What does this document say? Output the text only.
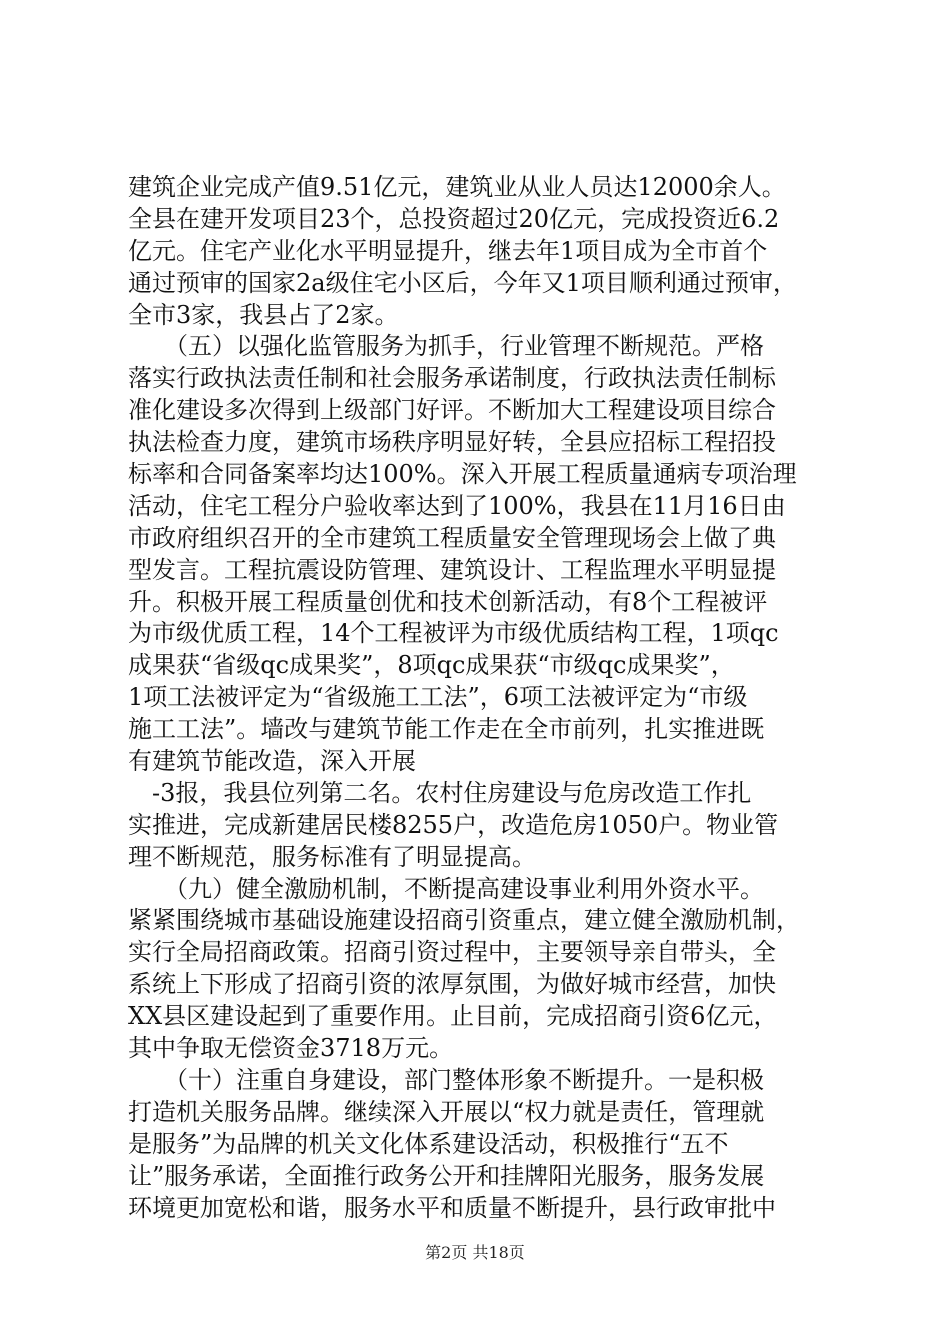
建筑企业完成产值9.51亿元，建筑业从业人员达12000余人。
全县在建开发项目23个，总投资超过20亿元，完成投资近6.2
亿元。住宅产业化水平明显提升，继去年1项目成为全市首个
通过预审的国家2a级住宅小区后，今年又1项目顺利通过预审，
全市3家，我县占了2家。
　　（五）以强化监管服务为抓手，行业管理不断规范。严格
落实行政执法责任制和社会服务承诺制度，行政执法责任制标
准化建设多次得到上级部门好评。不断加大工程建设项目综合
执法检查力度，建筑市场秩序明显好转，全县应招标工程招投
标率和合同备案率均达100%。深入开展工程质量通病专项治理
活动，住宅工程分户验收率达到了100%，我县在11月16日由
市政府组织召开的全市建筑工程质量安全管理现场会上做了典
型发言。工程抗震设防管理、建筑设计、工程监理水平明显提
升。积极开展工程质量创优和技术创新活动，有8个工程被评
为市级优质工程，14个工程被评为市级优质结构工程，1项qc
成果获“省级qc成果奖”，8项qc成果获“市级qc成果奖”，
1项工法被评定为“省级施工工法”，6项工法被评定为“市级
施工工法”。墙改与建筑节能工作走在全市前列，扎实推进既
有建筑节能改造，深入开展
　-3报，我县位列第二名。农村住房建设与危房改造工作扎
实推进，完成新建居民楼8255户，改造危房1050户。物业管
理不断规范，服务标准有了明显提高。
　　（九）健全激励机制，不断提高建设事业利用外资水平。
紧紧围绕城市基础设施建设招商引资重点，建立健全激励机制，
实行全局招商政策。招商引资过程中，主要领导亲自带头，全
系统上下形成了招商引资的浓厚氛围，为做好城市经营，加快
XX县区建设起到了重要作用。止目前，完成招商引资6亿元，
其中争取无偿资金3718万元。
　　（十）注重自身建设，部门整体形象不断提升。一是积极
打造机关服务品牌。继续深入开展以“权力就是责任，管理就
是服务”为品牌的机关文化体系建设活动，积极推行“五不
让”服务承诺，全面推行政务公开和挂牌阳光服务，服务发展
环境更加宽松和谐，服务水平和质量不断提升，县行政审批中
第2页 共18页
